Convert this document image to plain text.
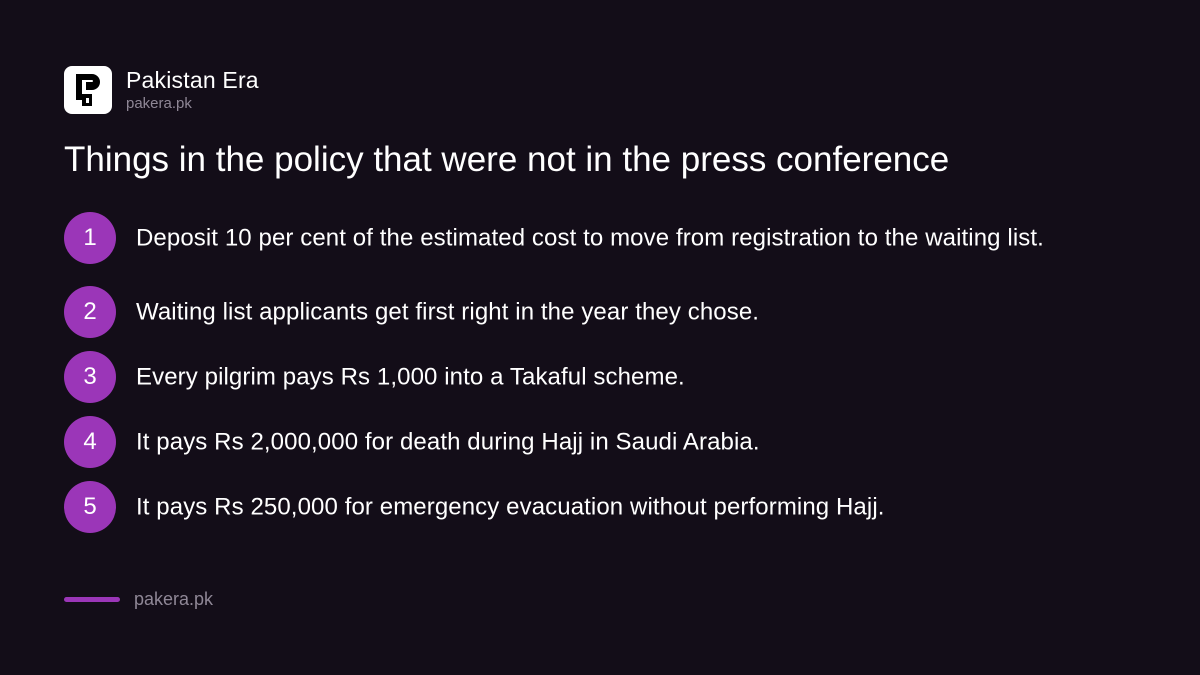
Pakistan Era
pakera.pk
Things in the policy that were not in the press conference
1	Deposit 10 per cent of the estimated cost to move from registration to the waiting list.
2	Waiting list applicants get first right in the year they chose.
3	Every pilgrim pays Rs 1,000 into a Takaful scheme.
4	It pays Rs 2,000,000 for death during Hajj in Saudi Arabia.
5	It pays Rs 250,000 for emergency evacuation without performing Hajj.
pakera.pk
